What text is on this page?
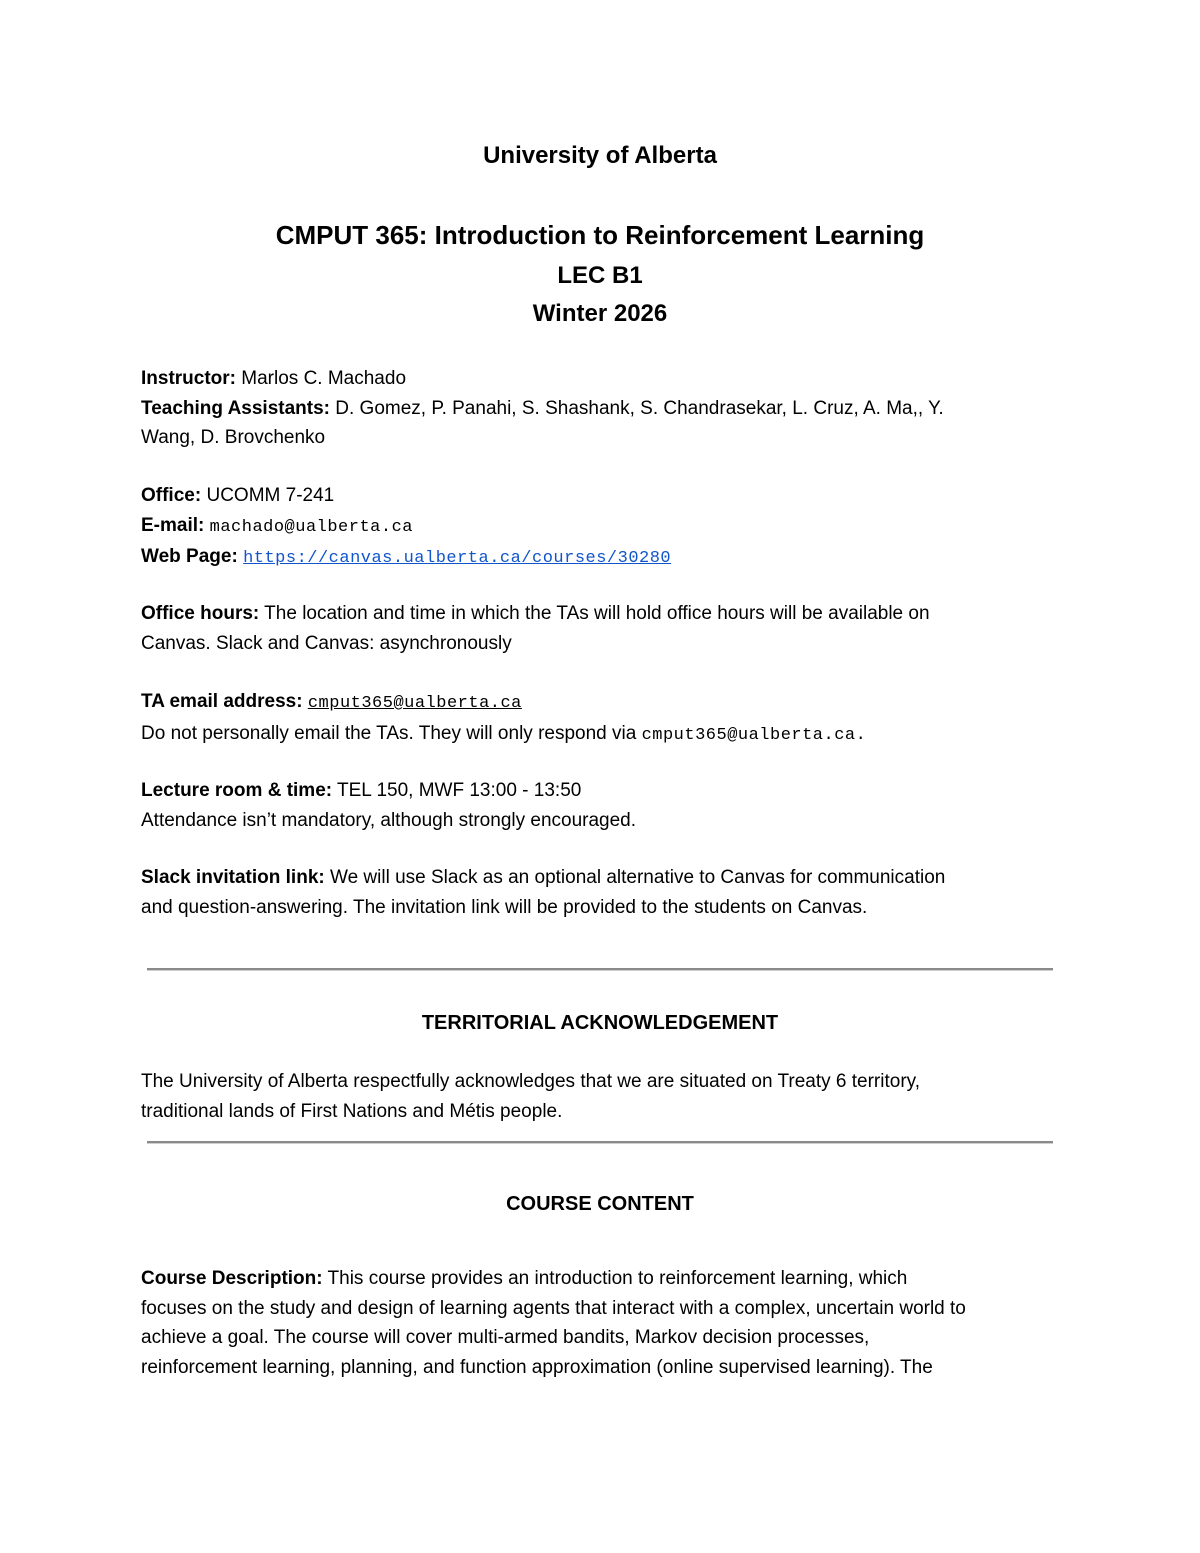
University of Alberta
CMPUT 365: Introduction to Reinforcement Learning
LEC B1
Winter 2026
Instructor: Marlos C. Machado
Teaching Assistants: D. Gomez, P. Panahi, S. Shashank, S. Chandrasekar, L. Cruz, A. Ma,, Y.
Wang, D. Brovchenko
Office: UCOMM 7-241
E-mail: machado@ualberta.ca
Web Page: https://canvas.ualberta.ca/courses/30280
Office hours: The location and time in which the TAs will hold office hours will be available on
Canvas. Slack and Canvas: asynchronously
TA email address: cmput365@ualberta.ca
Do not personally email the TAs. They will only respond via cmput365@ualberta.ca.
Lecture room & time: TEL 150, MWF 13:00 - 13:50
Attendance isn’t mandatory, although strongly encouraged.
Slack invitation link: We will use Slack as an optional alternative to Canvas for communication
and question-answering. The invitation link will be provided to the students on Canvas.
TERRITORIAL ACKNOWLEDGEMENT
The University of Alberta respectfully acknowledges that we are situated on Treaty 6 territory,
traditional lands of First Nations and Métis people.
COURSE CONTENT
Course Description: This course provides an introduction to reinforcement learning, which
focuses on the study and design of learning agents that interact with a complex, uncertain world to
achieve a goal. The course will cover multi-armed bandits, Markov decision processes,
reinforcement learning, planning, and function approximation (online supervised learning). The
